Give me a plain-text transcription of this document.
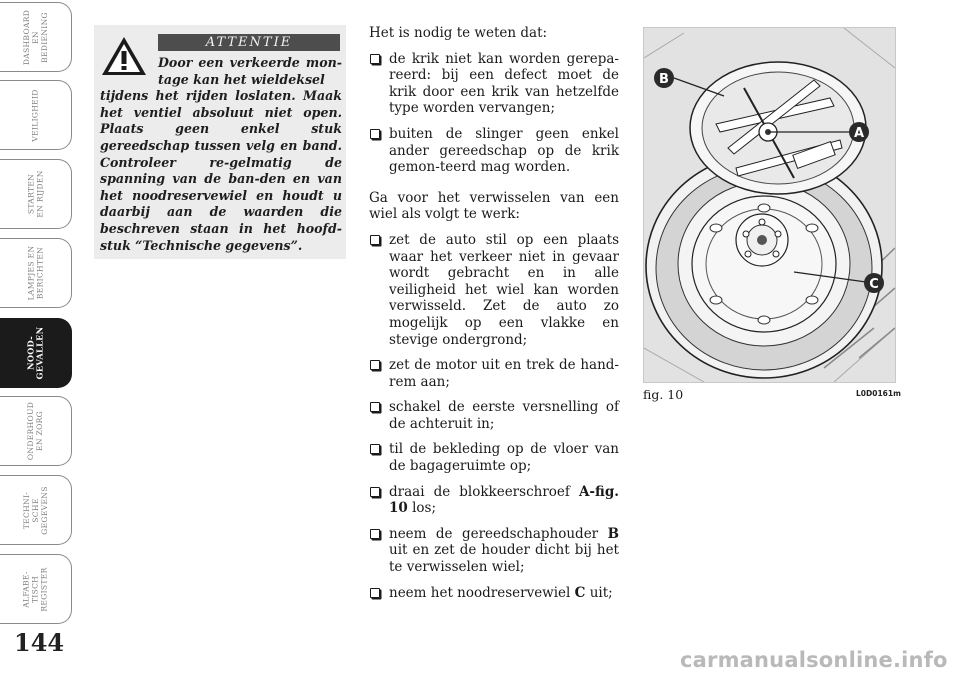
DASHBOARD
EN
BEDIENING
VEILIGHEID
STARTEN
EN RIJDEN
LAMPJES EN
BERICHTEN
NOOD-
GEVALLEN
ONDERHOUD
EN ZORG
TECHNI-
SCHE
GEGEVENS
ALFABE-
TISCH
REGISTER
144
ATTENTIE
Door een verkeerde mon-tage kan het wieldeksel
tijdens het rijden loslaten. Maak het ventiel absoluut niet open. Plaats geen enkel stuk gereedschap tussen velg en band. Controleer re-gelmatig de spanning van de ban-den en van het noodreservewiel en houdt u daarbij aan de waarden die beschreven staan in het hoofd-stuk “Technische gegevens”.

Het is nodig te weten dat:

de krik niet kan worden gerepa-reerd: bij een defect moet de krik door een krik van hetzelfde type worden vervangen;
buiten de slinger geen enkel ander gereedschap op de krik gemon-teerd mag worden.

Ga voor het verwisselen van een wiel als volgt te werk:

zet de auto stil op een plaats waar het verkeer niet in gevaar wordt gebracht en in alle veiligheid het wiel kan worden verwisseld. Zet de auto zo mogelijk op een vlakke en stevige ondergrond;
zet de motor uit en trek de hand-rem aan;
schakel de eerste versnelling of de achteruit in;
til de bekleding op de vloer van de bagageruimte op;
draai de blokkeerschroef A-fig. 10 los;
neem de gereedschaphouder B uit en zet de houder dicht bij het te verwisselen wiel;
neem het noodreservewiel C uit;
B
A
C
fig. 10	L0D0161m
carmanualsonline.info
